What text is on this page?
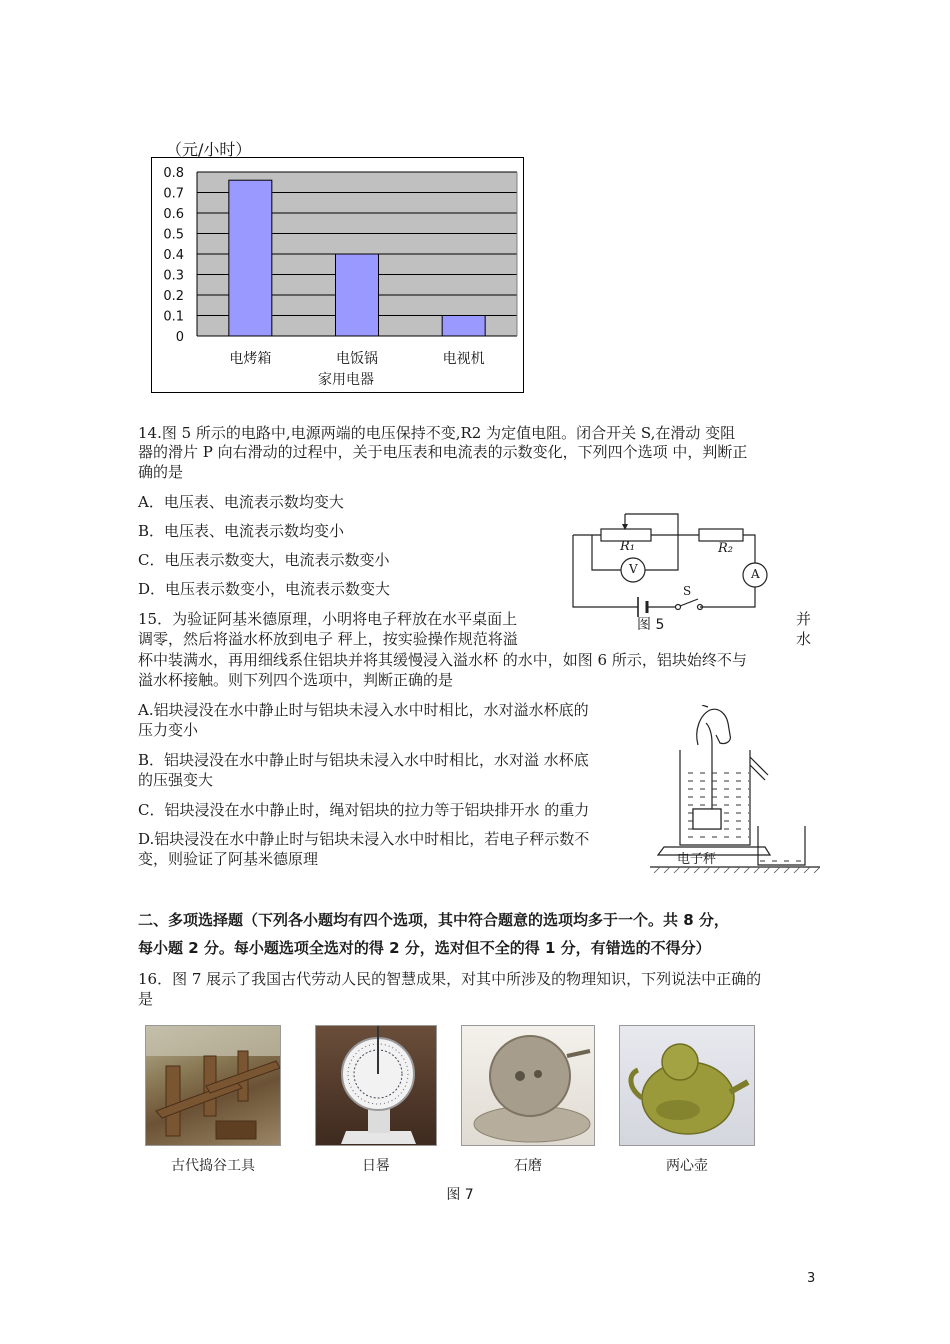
（元/小时）
0.8
0.7
0.6
0.5
0.4
0.3
0.2
0.1
0
电烤箱	电饭锅	电视机
家用电器
14.图 5 所示的电路中,电源两端的电压保持不变,R2 为定值电阻。闭合开关 S,在滑动 变阻
器的滑片 P 向右滑动的过程中，关于电压表和电流表的示数变化，下列四个选项 中，判断正
确的是
A．电压表、电流表示数均变大
B．电压表、电流表示数均变小
C．电压表示数变大，电流表示数变小
D．电压表示数变小，电流表示数变大
R₁	R₂
V	A
S
图 5
15．为验证阿基米德原理，小明将电子秤放在水平桌面上	并
调零，然后将溢水杯放到电子 秤上，按实验操作规范将溢	水
杯中装满水，再用细线系住铝块并将其缓慢浸入溢水杯 的水中，如图 6 所示，铝块始终不与
溢水杯接触。则下列四个选项中，判断正确的是
A.铝块浸没在水中静止时与铝块未浸入水中时相比，水对溢水杯底的
压力变小
B．铝块浸没在水中静止时与铝块未浸入水中时相比，水对溢 水杯底
的压强变大
C．铝块浸没在水中静止时，绳对铝块的拉力等于铝块排开水 的重力
D.铝块浸没在水中静止时与铝块未浸入水中时相比，若电子秤示数不
变，则验证了阿基米德原理	电子秤
二、多项选择题（下列各小题均有四个选项，其中符合题意的选项均多于一个。共 8 分，
每小题 2 分。每小题选项全选对的得 2 分，选对但不全的得 1 分，有错选的不得分）
16．图 7 展示了我国古代劳动人民的智慧成果，对其中所涉及的物理知识，下列说法中正确的
是
古代捣谷工具	日晷	石磨	两心壶
图 7
3
